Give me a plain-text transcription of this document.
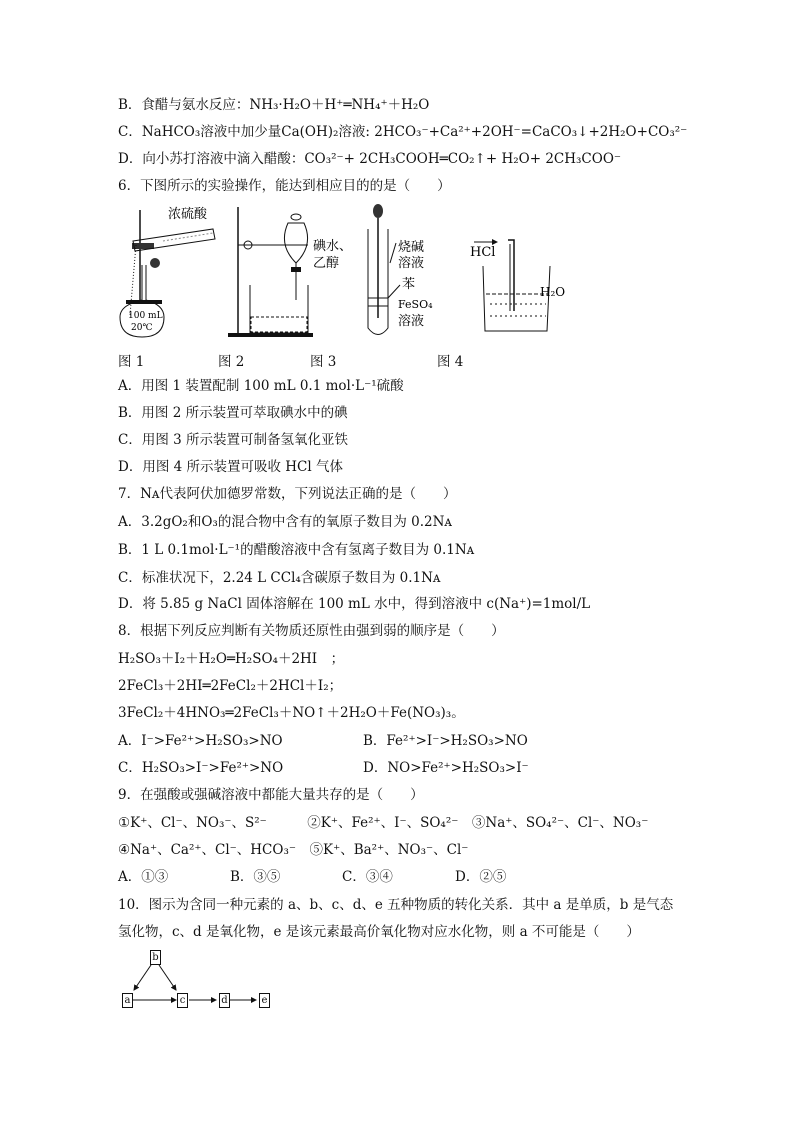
B．食醋与氨水反应：NH₃·H₂O＋H⁺═NH₄⁺＋H₂O
C．NaHCO₃溶液中加少量Ca(OH)₂溶液: 2HCO₃⁻+Ca²⁺+2OH⁻=CaCO₃↓+2H₂O+CO₃²⁻
D．向小苏打溶液中滴入醋酸：CO₃²⁻+ 2CH₃COOH═CO₂↑+ H₂O+ 2CH₃COO⁻
6．下图所示的实验操作，能达到相应目的的是（　　）
100 mL
20℃
浓硫酸
碘水、
乙醇
烧碱
溶液
苯
FeSO₄
溶液
HCl
H₂O
图 1	图 2	图 3	图 4
A．用图 1 装置配制 100 mL 0.1 mol·L⁻¹硫酸
B．用图 2 所示装置可萃取碘水中的碘
C．用图 3 所示装置可制备氢氧化亚铁
D．用图 4 所示装置可吸收 HCl 气体
7．Nᴀ代表阿伏加德罗常数，下列说法正确的是（　　）
A．3.2gO₂和O₃的混合物中含有的氧原子数目为 0.2Nᴀ
B．1 L 0.1mol·L⁻¹的醋酸溶液中含有氢离子数目为 0.1Nᴀ
C．标准状况下，2.24 L CCl₄含碳原子数目为 0.1Nᴀ
D．将 5.85 g NaCl 固体溶解在 100 mL 水中，得到溶液中 c(Na⁺)=1mol/L
8．根据下列反应判断有关物质还原性由强到弱的顺序是（　　）
H₂SO₃＋I₂＋H₂O═H₂SO₄＋2HI　；
2FeCl₃＋2HI═2FeCl₂＋2HCl＋I₂；
3FeCl₂＋4HNO₃═2FeCl₃＋NO↑＋2H₂O＋Fe(NO₃)₃。
A．I⁻>Fe²⁺>H₂SO₃>NO	B．Fe²⁺>I⁻>H₂SO₃>NO
C．H₂SO₃>I⁻>Fe²⁺>NO	D．NO>Fe²⁺>H₂SO₃>I⁻
9．在强酸或强碱溶液中都能大量共存的是（　　）
①K⁺、Cl⁻、NO₃⁻、S²⁻　　　②K⁺、Fe²⁺、I⁻、SO₄²⁻　③Na⁺、SO₄²⁻、Cl⁻、NO₃⁻
④Na⁺、Ca²⁺、Cl⁻、HCO₃⁻　⑤K⁺、Ba²⁺、NO₃⁻、Cl⁻
A．①③	B．③⑤	C．③④	D．②⑤
10．图示为含同一种元素的 a、b、c、d、e 五种物质的转化关系．其中 a 是单质，b 是气态
氢化物，c、d 是氧化物，e 是该元素最高价氧化物对应水化物，则 a 不可能是（　　）
b
a	c	d	e
